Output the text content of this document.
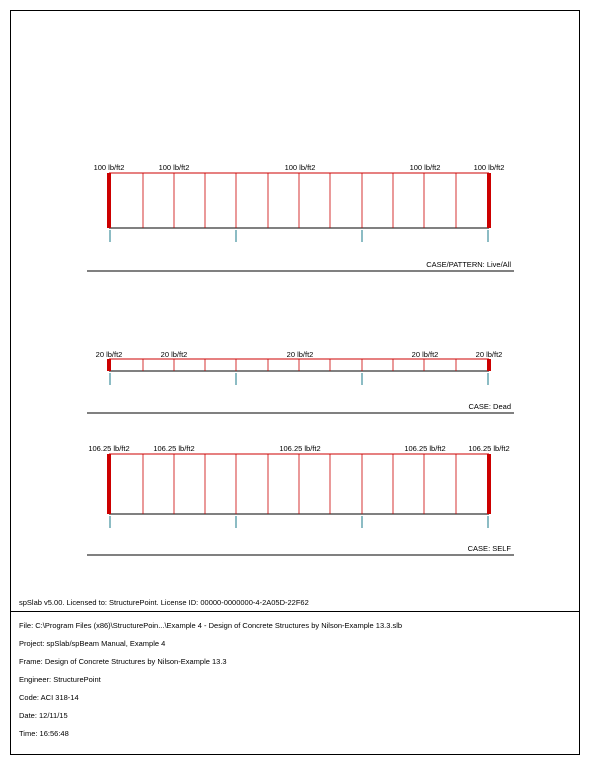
100 lb/ft2	100 lb/ft2	100 lb/ft2	100 lb/ft2	100 lb/ft2
CASE/PATTERN: Live/All
20 lb/ft2	20 lb/ft2	20 lb/ft2	20 lb/ft2	20 lb/ft2
CASE: Dead
106.25 lb/ft2	106.25 lb/ft2	106.25 lb/ft2	106.25 lb/ft2	106.25 lb/ft2
CASE: SELF
spSlab v5.00. Licensed to: StructurePoint. License ID: 00000-0000000-4-2A05D-22F62
File: C:\Program Files (x86)\StructurePoin...\Example 4 - Design of Concrete Structures by Nilson-Example 13.3.slb
Project: spSlab/spBeam Manual, Example 4
Frame: Design of Concrete Structures by Nilson-Example 13.3
Engineer: StructurePoint
Code: ACI 318-14
Date: 12/11/15
Time: 16:56:48
